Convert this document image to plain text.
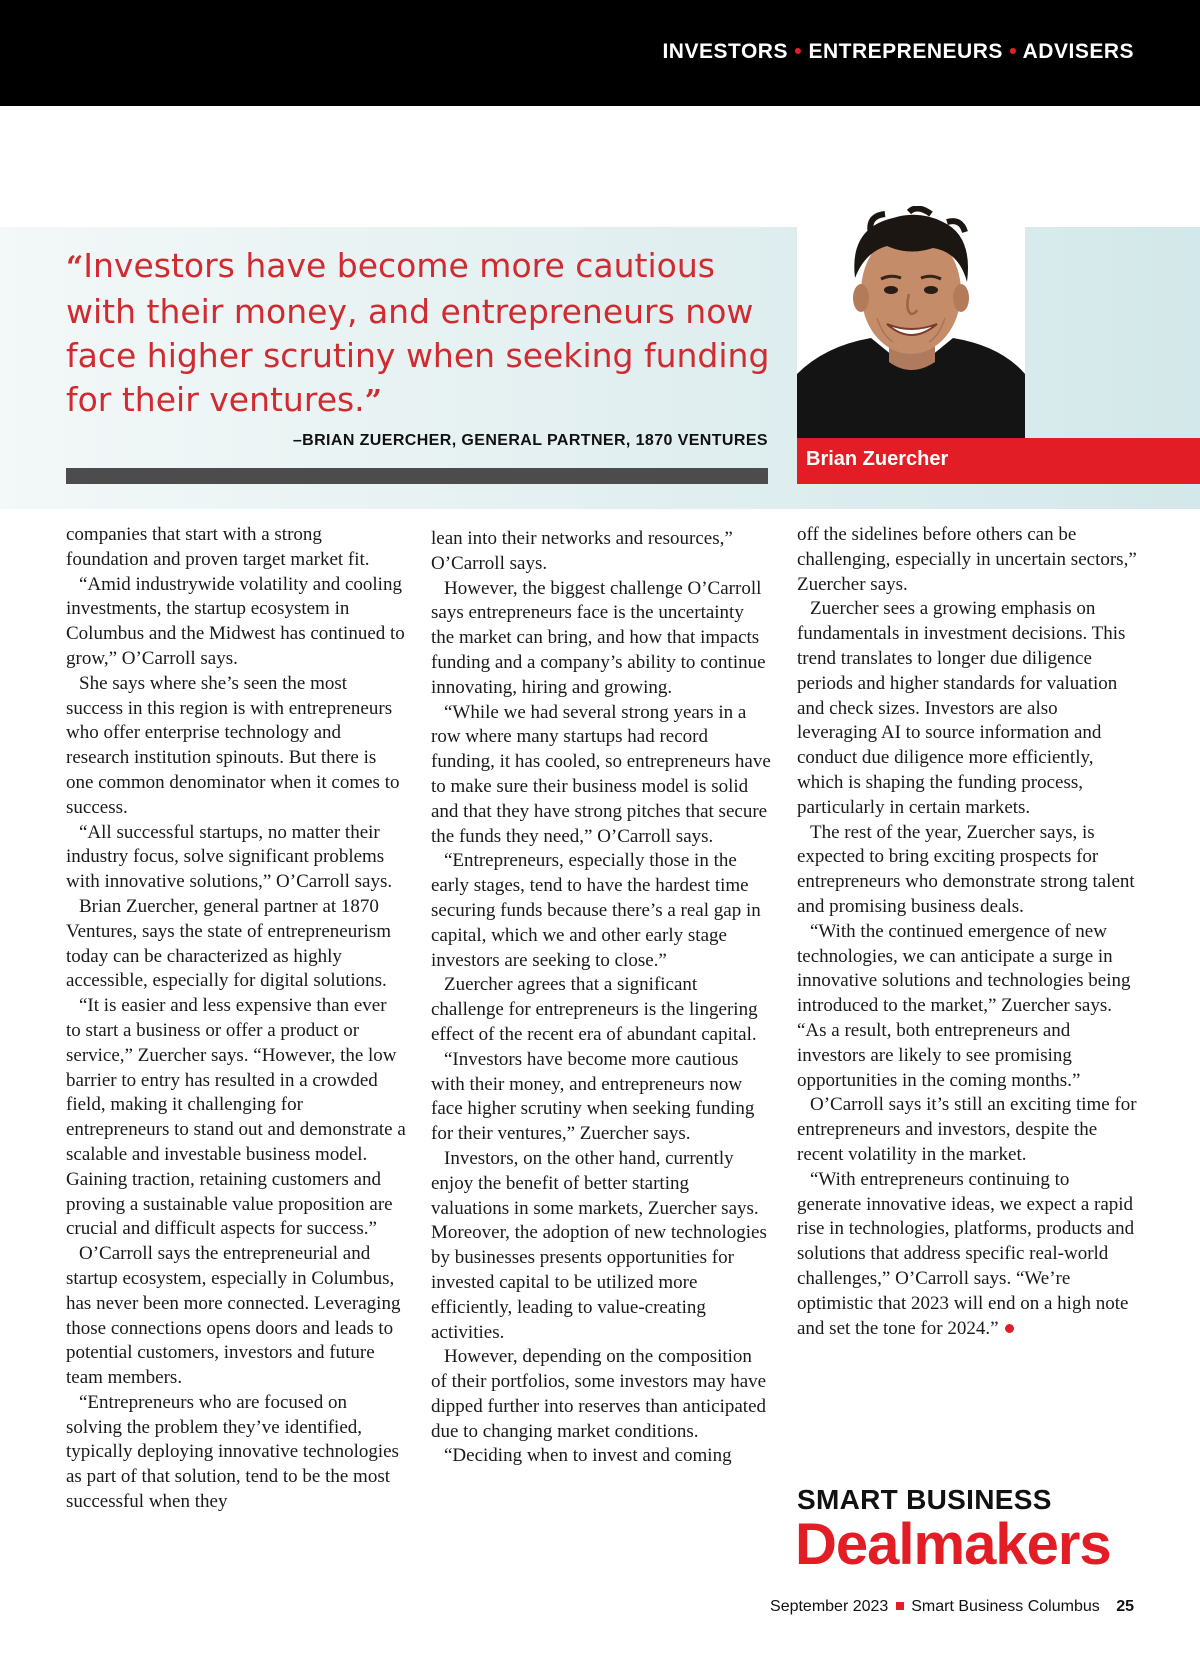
INVESTORS • ENTREPRENEURS • ADVISERS
“Investors have become more cautious with their money, and entrepreneurs now face higher scrutiny when seeking funding for their ventures.”
–BRIAN ZUERCHER, GENERAL PARTNER, 1870 VENTURES
Brian Zuercher

companies that start with a strong foundation and proven target market fit.

“Amid industrywide volatility and cooling investments, the startup ecosystem in Columbus and the Midwest has continued to grow,” O’Carroll says.

She says where she’s seen the most success in this region is with entrepreneurs who offer enterprise technology and research institution spinouts. But there is one common denominator when it comes to success.

“All successful startups, no matter their industry focus, solve significant problems with innovative solutions,” O’Carroll says.

Brian Zuercher, general partner at 1870 Ventures, says the state of entrepreneurism today can be characterized as highly accessible, especially for digital solutions.

“It is easier and less expensive than ever to start a business or offer a product or service,” Zuercher says. “However, the low barrier to entry has resulted in a crowded field, making it challenging for entrepreneurs to stand out and demonstrate a scalable and investable business model. Gaining traction, retaining customers and proving a sustainable value proposition are crucial and difficult aspects for success.”

O’Carroll says the entrepreneurial and startup ecosystem, especially in Columbus, has never been more connected. Leveraging those connections opens doors and leads to potential customers, investors and future team members.

“Entrepreneurs who are focused on solving the problem they’ve identified, typically deploying innovative technologies as part of that solution, tend to be the most successful when they

lean into their networks and resources,” O’Carroll says.

However, the biggest challenge O’Carroll says entrepreneurs face is the uncertainty the market can bring, and how that impacts funding and a company’s ability to continue innovating, hiring and growing.

“While we had several strong years in a row where many startups had record funding, it has cooled, so entrepreneurs have to make sure their business model is solid and that they have strong pitches that secure the funds they need,” O’Carroll says.

“Entrepreneurs, especially those in the early stages, tend to have the hardest time securing funds because there’s a real gap in capital, which we and other early stage investors are seeking to close.”

Zuercher agrees that a significant challenge for entrepreneurs is the lingering effect of the recent era of abundant capital.

“Investors have become more cautious with their money, and entrepreneurs now face higher scrutiny when seeking funding for their ventures,” Zuercher says.

Investors, on the other hand, currently enjoy the benefit of better starting valuations in some markets, Zuercher says. Moreover, the adoption of new technologies by businesses presents opportunities for invested capital to be utilized more efficiently, leading to value-creating activities.

However, depending on the composition of their portfolios, some investors may have dipped further into reserves than anticipated due to changing market conditions.

“Deciding when to invest and coming

off the sidelines before others can be challenging, especially in uncertain sectors,” Zuercher says.

Zuercher sees a growing emphasis on fundamentals in investment decisions. This trend translates to longer due diligence periods and higher standards for valuation and check sizes. Investors are also leveraging AI to source information and conduct due diligence more efficiently, which is shaping the funding process, particularly in certain markets.

The rest of the year, Zuercher says, is expected to bring exciting prospects for entrepreneurs who demonstrate strong talent and promising business deals.

“With the continued emergence of new technologies, we can anticipate a surge in innovative solutions and technologies being introduced to the market,” Zuercher says. “As a result, both entrepreneurs and investors are likely to see promising opportunities in the coming months.”

O’Carroll says it’s still an exciting time for entrepreneurs and investors, despite the recent volatility in the market.

“With entrepreneurs continuing to generate innovative ideas, we expect a rapid rise in technologies, platforms, products and solutions that address specific real-world challenges,” O’Carroll says. “We’re optimistic that 2023 will end on a high note and set the tone for 2024.”

SMART BUSINESS
Dealmakers
September 2023 Smart Business Columbus 25
